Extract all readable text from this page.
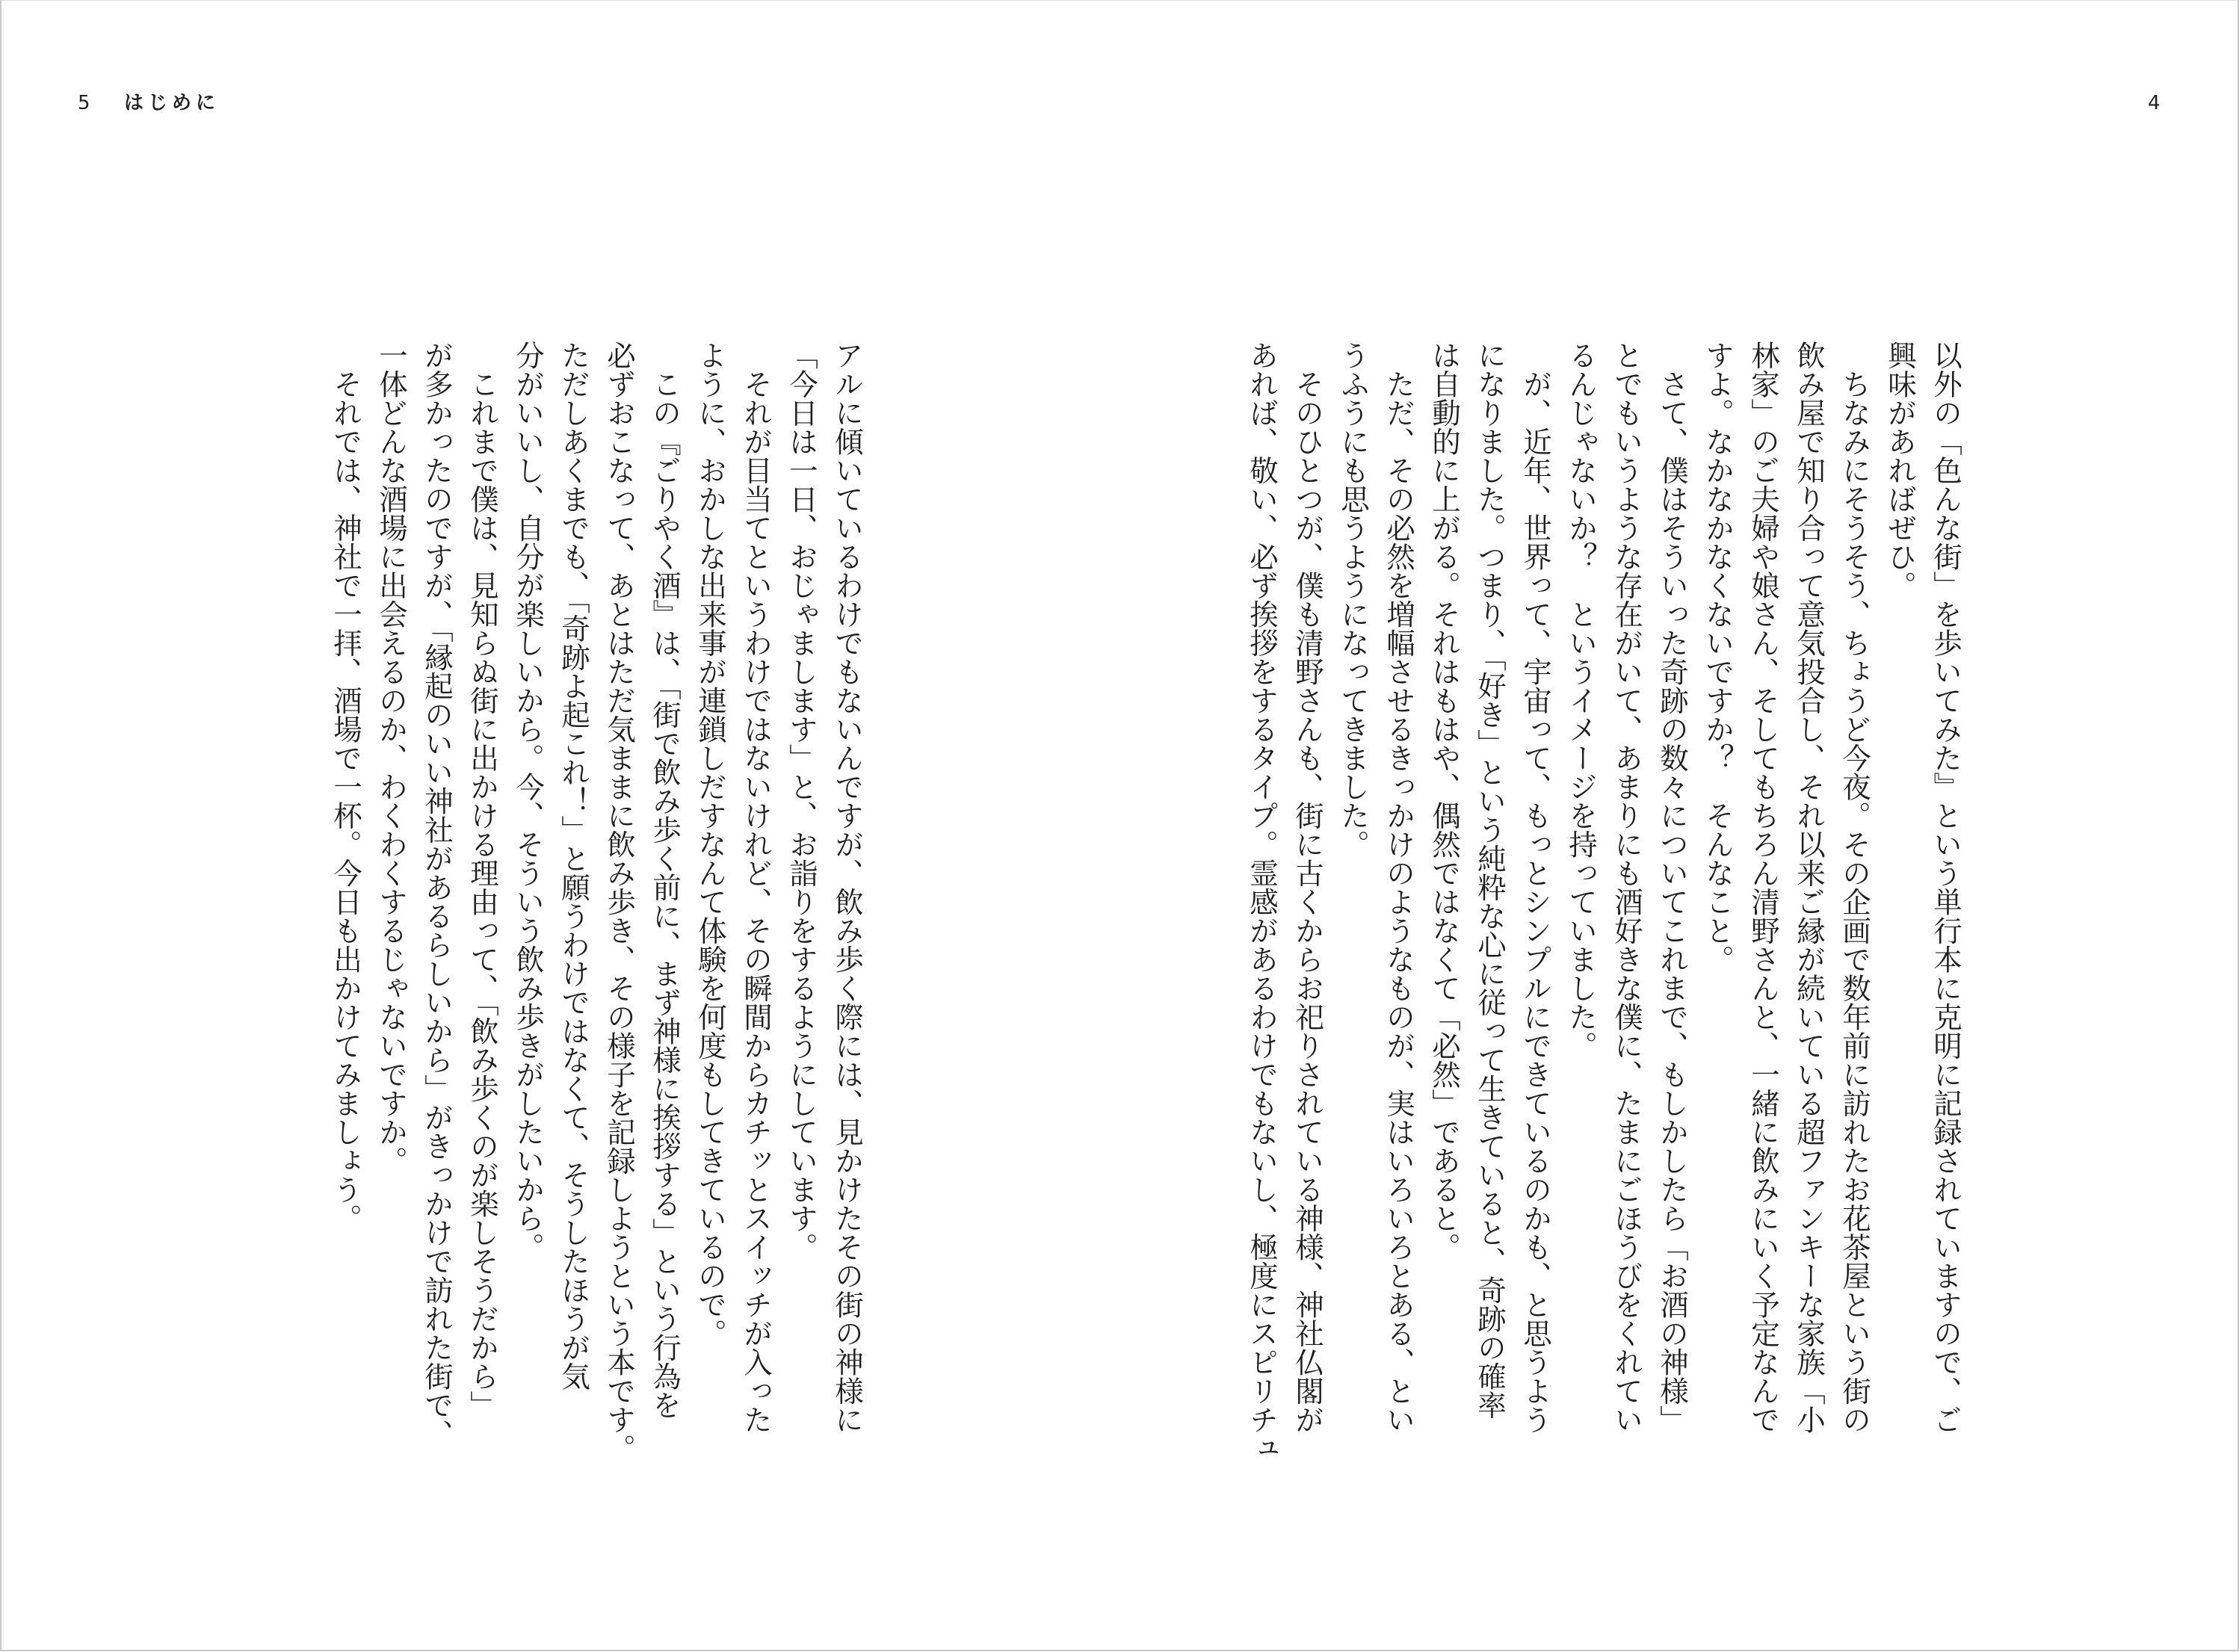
5 はじめに	4
以外の「色んな街」を歩いてみた』という単行本に克明に記録されていますので、ご
興味があればぜひ。
　ちなみにそうそう、ちょうど今夜。その企画で数年前に訪れたお花茶屋という街の
飲み屋で知り合って意気投合し、それ以来ご縁が続いている超ファンキーな家族「小
林家」のご夫婦や娘さん、そしてもちろん清野さんと、一緒に飲みにいく予定なんで
すよ。なかなかなくないですか？　そんなこと。
　さて、僕はそういった奇跡の数々についてこれまで、もしかしたら「お酒の神様」
とでもいうような存在がいて、あまりにも酒好きな僕に、たまにごほうびをくれてい
るんじゃないか？　というイメージを持っていました。
　が、近年、世界って、宇宙って、もっとシンプルにできているのかも、と思うよう
になりました。つまり、「好き」という純粋な心に従って生きていると、奇跡の確率
は自動的に上がる。それはもはや、偶然ではなくて「必然」であると。
　ただ、その必然を増幅させるきっかけのようなものが、実はいろいろとある、とい
うふうにも思うようになってきました。
　そのひとつが、僕も清野さんも、街に古くからお祀りされている神様、神社仏閣が
あれば、敬い、必ず挨拶をするタイプ。霊感があるわけでもないし、極度にスピリチュ
アルに傾いているわけでもないんですが、飲み歩く際には、見かけたその街の神様に
「今日は一日、おじゃまします」と、お詣りをするようにしています。
　それが目当てというわけではないけれど、その瞬間からカチッとスイッチが入った
ように、おかしな出来事が連鎖しだすなんて体験を何度もしてきているので。
　この『ごりやく酒』は、「街で飲み歩く前に、まず神様に挨拶する」という行為を
必ずおこなって、あとはただ気ままに飲み歩き、その様子を記録しようという本です。
ただしあくまでも、「奇跡よ起これ！」と願うわけではなくて、そうしたほうが気
分がいいし、自分が楽しいから。今、そういう飲み歩きがしたいから。
　これまで僕は、見知らぬ街に出かける理由って、「飲み歩くのが楽しそうだから」
が多かったのですが、「縁起のいい神社があるらしいから」がきっかけで訪れた街で、
一体どんな酒場に出会えるのか、わくわくするじゃないですか。
　それでは、神社で一拝、酒場で一杯。今日も出かけてみましょう。
